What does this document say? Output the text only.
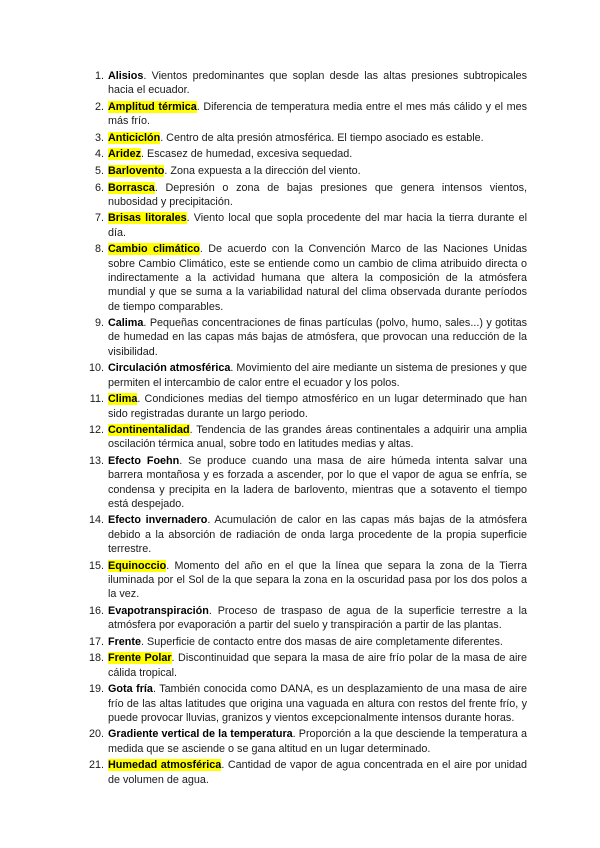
1. Alisios. Vientos predominantes que soplan desde las altas presiones subtropicales hacia el ecuador.
2. Amplitud térmica. Diferencia de temperatura media entre el mes más cálido y el mes más frío.
3. Anticiclón. Centro de alta presión atmosférica. El tiempo asociado es estable.
4. Aridez. Escasez de humedad, excesiva sequedad.
5. Barlovento. Zona expuesta a la dirección del viento.
6. Borrasca. Depresión o zona de bajas presiones que genera intensos vientos, nubosidad y precipitación.
7. Brisas litorales. Viento local que sopla procedente del mar hacia la tierra durante el día.
8. Cambio climático. De acuerdo con la Convención Marco de las Naciones Unidas sobre Cambio Climático, este se entiende como un cambio de clima atribuido directa o indirectamente a la actividad humana que altera la composición de la atmósfera mundial y que se suma a la variabilidad natural del clima observada durante períodos de tiempo comparables.
9. Calima. Pequeñas concentraciones de finas partículas (polvo, humo, sales...) y gotitas de humedad en las capas más bajas de atmósfera, que provocan una reducción de la visibilidad.
10. Circulación atmosférica. Movimiento del aire mediante un sistema de presiones y que permiten el intercambio de calor entre el ecuador y los polos.
11. Clima. Condiciones medias del tiempo atmosférico en un lugar determinado que han sido registradas durante un largo periodo.
12. Continentalidad. Tendencia de las grandes áreas continentales a adquirir una amplia oscilación térmica anual, sobre todo en latitudes medias y altas.
13. Efecto Foehn. Se produce cuando una masa de aire húmeda intenta salvar una barrera montañosa y es forzada a ascender, por lo que el vapor de agua se enfría, se condensa y precipita en la ladera de barlovento, mientras que a sotavento el tiempo está despejado.
14. Efecto invernadero. Acumulación de calor en las capas más bajas de la atmósfera debido a la absorción de radiación de onda larga procedente de la propia superficie terrestre.
15. Equinoccio. Momento del año en el que la línea que separa la zona de la Tierra iluminada por el Sol de la que separa la zona en la oscuridad pasa por los dos polos a la vez.
16. Evapotranspiración. Proceso de traspaso de agua de la superficie terrestre a la atmósfera por evaporación a partir del suelo y transpiración a partir de las plantas.
17. Frente. Superficie de contacto entre dos masas de aire completamente diferentes.
18. Frente Polar. Discontinuidad que separa la masa de aire frío polar de la masa de aire cálida tropical.
19. Gota fría. También conocida como DANA, es un desplazamiento de una masa de aire frío de las altas latitudes que origina una vaguada en altura con restos del frente frío, y puede provocar lluvias, granizos y vientos excepcionalmente intensos durante horas.
20. Gradiente vertical de la temperatura. Proporción a la que desciende la temperatura a medida que se asciende o se gana altitud en un lugar determinado.
21. Humedad atmosférica. Cantidad de vapor de agua concentrada en el aire por unidad de volumen de agua.
